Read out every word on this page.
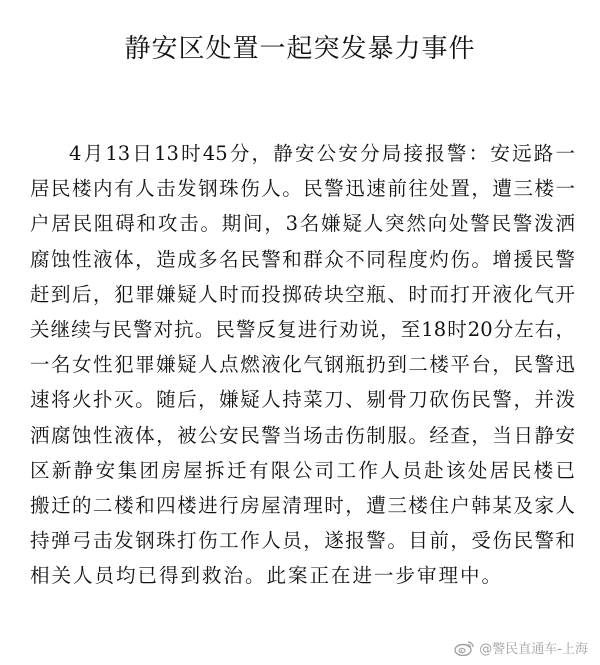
静安区处置一起突发暴力事件
4月13日13时45分，静安公安分局接报警：安远路一
居民楼内有人击发钢珠伤人。民警迅速前往处置，遭三楼一
户居民阻碍和攻击。期间，3名嫌疑人突然向处警民警泼洒
腐蚀性液体，造成多名民警和群众不同程度灼伤。增援民警
赶到后，犯罪嫌疑人时而投掷砖块空瓶、时而打开液化气开
关继续与民警对抗。民警反复进行劝说，至18时20分左右，
一名女性犯罪嫌疑人点燃液化气钢瓶扔到二楼平台，民警迅
速将火扑灭。随后，嫌疑人持菜刀、剔骨刀砍伤民警，并泼
洒腐蚀性液体，被公安民警当场击伤制服。经查，当日静安
区新静安集团房屋拆迁有限公司工作人员赴该处居民楼已
搬迁的二楼和四楼进行房屋清理时，遭三楼住户韩某及家人
持弹弓击发钢珠打伤工作人员，遂报警。目前，受伤民警和
相关人员均已得到救治。此案正在进一步审理中。
@警民直通车-上海
